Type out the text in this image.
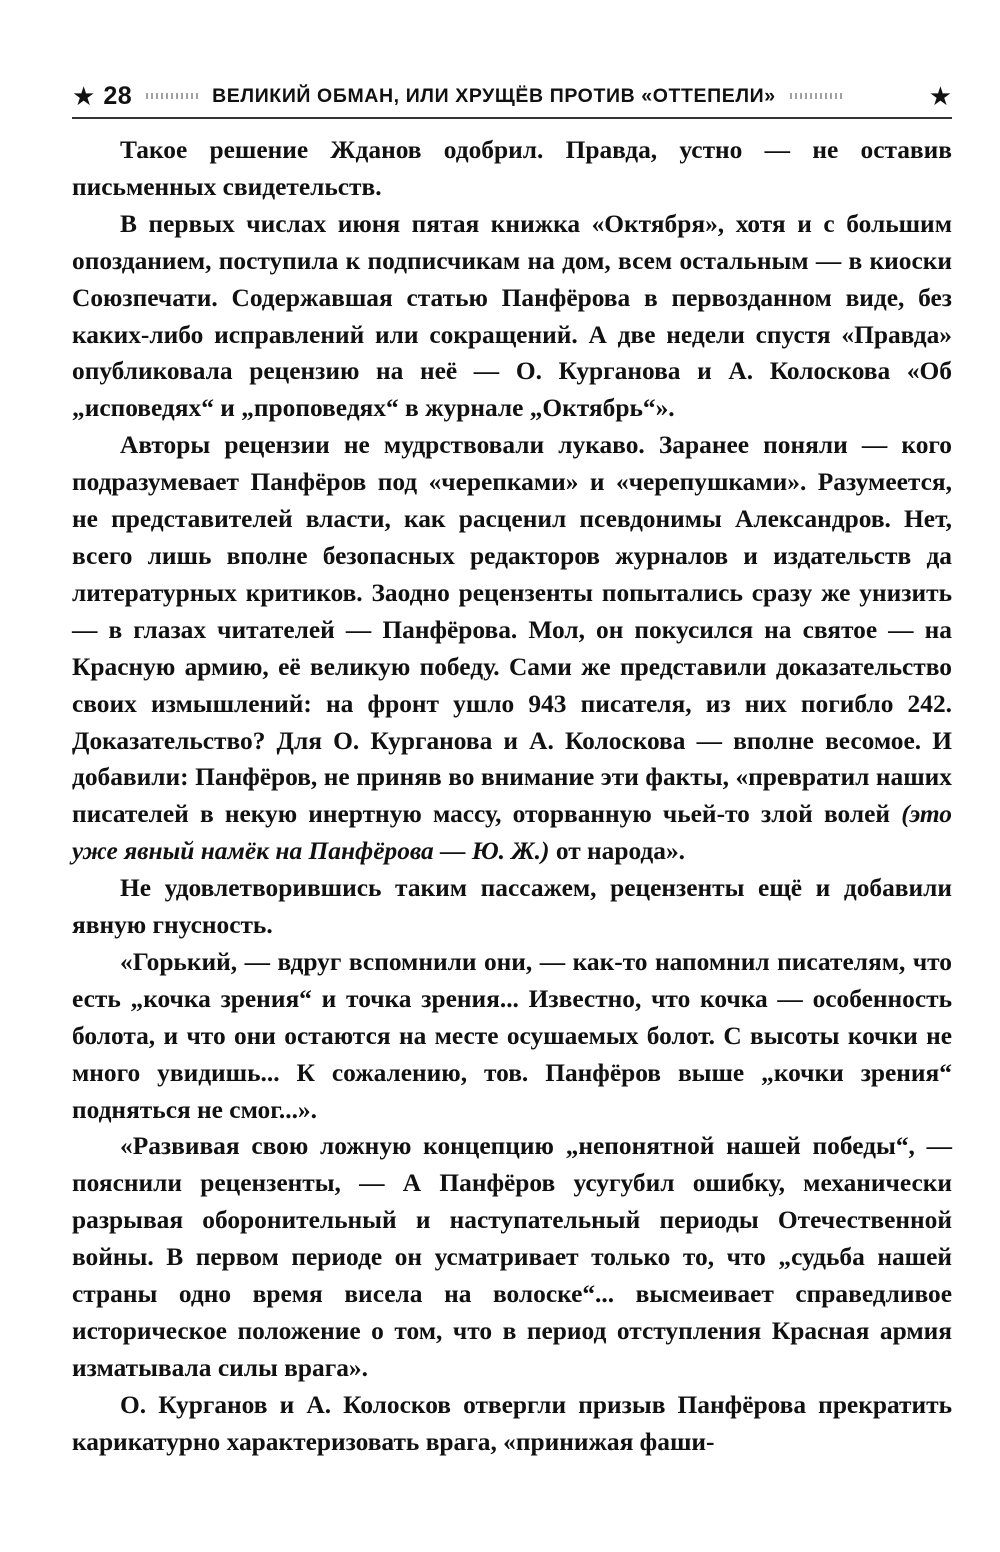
★ 28	ВЕЛИКИЙ ОБМАН, ИЛИ ХРУЩЁВ ПРОТИВ «ОТТЕПЕЛИ»	★

Такое решение Жданов одобрил. Правда, устно — не оставив письменных свидетельств.

В первых числах июня пятая книжка «Октября», хотя и с большим опозданием, поступила к подписчикам на дом, всем остальным — в киоски Союзпечати. Содержавшая статью Панфёрова в первозданном виде, без каких-либо исправлений или сокращений. А две недели спустя «Правда» опубликовала рецензию на неё — О. Курганова и А. Колоскова «Об „исповедях“ и „проповедях“ в журнале „Октябрь“».

Авторы рецензии не мудрствовали лукаво. Заранее поняли — кого подразумевает Панфёров под «черепками» и «черепушками». Разумеется, не представителей власти, как расценил псевдонимы Александров. Нет, всего лишь вполне безопасных редакторов журналов и издательств да литературных критиков. Заодно рецензенты попытались сразу же унизить — в глазах читателей — Панфёрова. Мол, он покусился на святое — на Красную армию, её великую победу. Сами же представили доказательство своих измышлений: на фронт ушло 943 писателя, из них погибло 242. Доказательство? Для О. Курганова и А. Колоскова — вполне весомое. И добавили: Панфёров, не приняв во внимание эти факты, «превратил наших писателей в некую инертную массу, оторванную чьей-то злой волей (это уже явный намёк на Панфёрова — Ю. Ж.) от народа».

Не удовлетворившись таким пассажем, рецензенты ещё и добавили явную гнусность.

«Горький, — вдруг вспомнили они, — как-то напомнил писателям, что есть „кочка зрения“ и точка зрения... Известно, что кочка — особенность болота, и что они остаются на месте осушаемых болот. С высоты кочки не много увидишь... К сожалению, тов. Панфёров выше „кочки зрения“ подняться не смог...».

«Развивая свою ложную концепцию „непонятной нашей победы“, — пояснили рецензенты, — А Панфёров усугубил ошибку, механически разрывая оборонительный и наступательный периоды Отечественной войны. В первом периоде он усматривает только то, что „судьба нашей страны одно время висела на волоске“... высмеивает справедливое историческое положение о том, что в период отступления Красная армия изматывала силы врага».

О. Курганов и А. Колосков отвергли призыв Панфёрова прекратить карикатурно характеризовать врага, «принижая фаши-
